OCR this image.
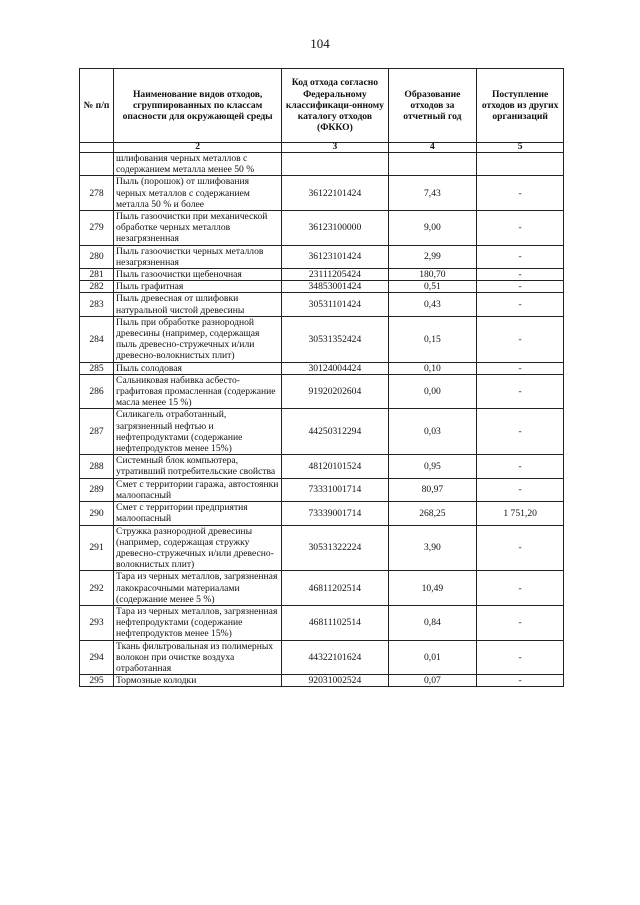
104
№ п/п	Наименование видов отходов, сгруппированных по классам опасности для окружающей среды	Код отхода согласно Федеральному классификаци-онному каталогу отходов (ФККО)	Образование отходов за отчетный год	Поступление отходов из других организаций
	2	3	4	5
	шлифования черных металлов с содержанием металла менее 50 %			
278	Пыль (порошок) от шлифования черных металлов с содержанием металла 50 % и более	36122101424	7,43	-
279	Пыль газоочистки при механической обработке черных металлов незагрязненная	36123100000	9,00	-
280	Пыль газоочистки черных металлов незагрязненная	36123101424	2,99	-
281	Пыль газоочистки щебеночная	23111205424	180,70	-
282	Пыль графитная	34853001424	0,51	-
283	Пыль древесная от шлифовки натуральной чистой древесины	30531101424	0,43	-
284	Пыль при обработке разнородной древесины (например, содержащая пыль древесно-стружечных и/или древесно-волокнистых плит)	30531352424	0,15	-
285	Пыль солодовая	30124004424	0,10	-
286	Сальниковая набивка асбесто-графитовая промасленная (содержание масла менее 15 %)	91920202604	0,00	-
287	Силикагель отработанный, загрязненный нефтью и нефтепродуктами (содержание нефтепродуктов менее 15%)	44250312294	0,03	-
288	Системный блок компьютера, утративший потребительские свойства	48120101524	0,95	-
289	Смет с территории гаража, автостоянки малоопасный	73331001714	80,97	-
290	Смет с территории предприятия малоопасный	73339001714	268,25	1 751,20
291	Стружка разнородной древесины (например, содержащая стружку древесно-стружечных и/или древесно-волокнистых плит)	30531322224	3,90	-
292	Тара из черных металлов, загрязненная лакокрасочными материалами (содержание менее 5 %)	46811202514	10,49	-
293	Тара из черных металлов, загрязненная нефтепродуктами (содержание нефтепродуктов менее 15%)	46811102514	0,84	-
294	Ткань фильтровальная из полимерных волокон при очистке воздуха отработанная	44322101624	0,01	-
295	Тормозные колодки	92031002524	0,07	-
